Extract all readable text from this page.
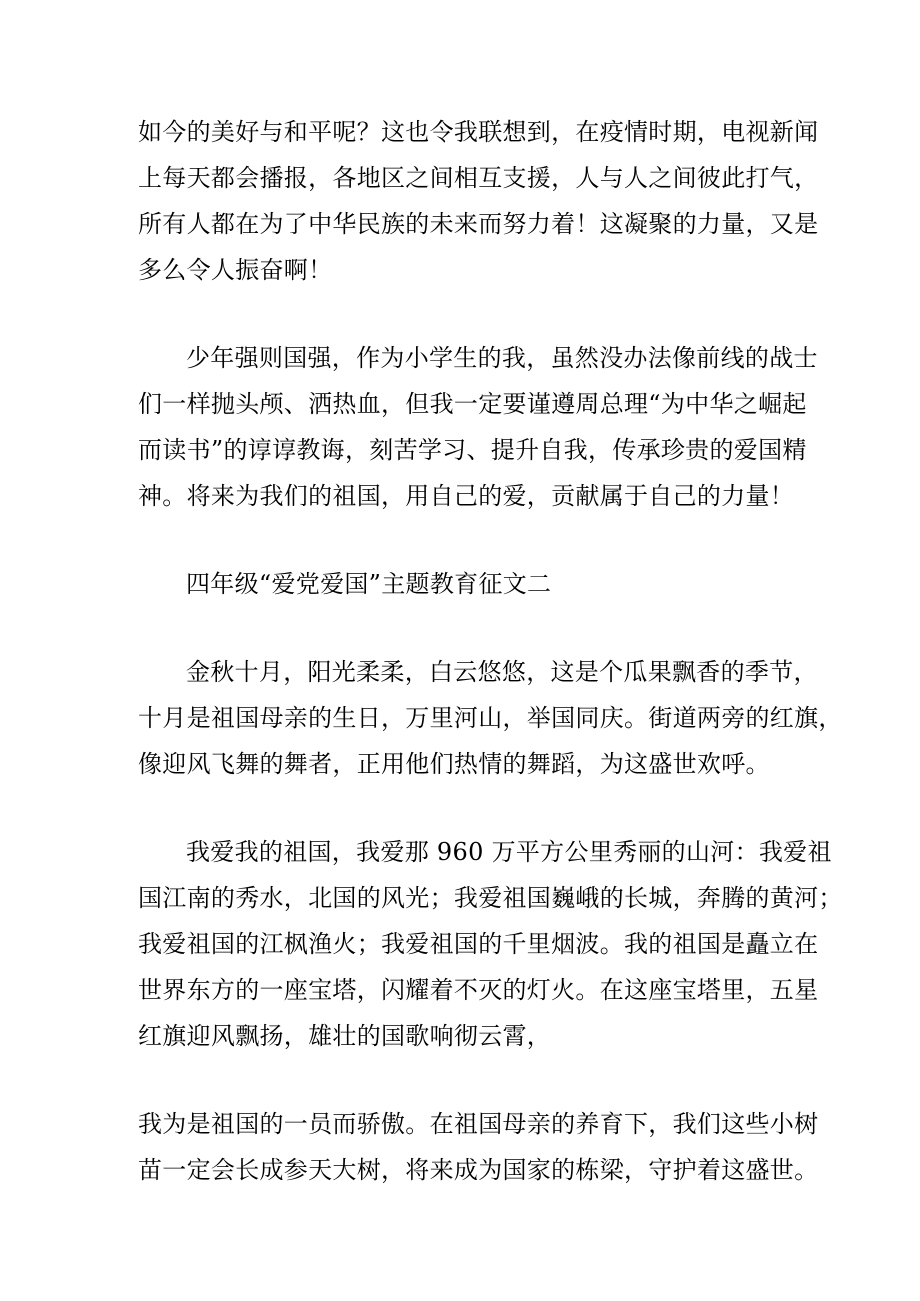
如今的美好与和平呢？这也令我联想到，在疫情时期，电视新闻
上每天都会播报，各地区之间相互支援，人与人之间彼此打气，
所有人都在为了中华民族的未来而努力着！这凝聚的力量，又是
多么令人振奋啊！
少年强则国强，作为小学生的我，虽然没办法像前线的战士
们一样抛头颅、洒热血，但我一定要谨遵周总理“为中华之崛起
而读书”的谆谆教诲，刻苦学习、提升自我，传承珍贵的爱国精
神。将来为我们的祖国，用自己的爱，贡献属于自己的力量！
四年级“爱党爱国”主题教育征文二
金秋十月，阳光柔柔，白云悠悠，这是个瓜果飘香的季节，
十月是祖国母亲的生日，万里河山，举国同庆。街道两旁的红旗，
像迎风飞舞的舞者，正用他们热情的舞蹈，为这盛世欢呼。
我爱我的祖国，我爱那 960 万平方公里秀丽的山河：我爱祖
国江南的秀水，北国的风光；我爱祖国巍峨的长城，奔腾的黄河；
我爱祖国的江枫渔火；我爱祖国的千里烟波。我的祖国是矗立在
世界东方的一座宝塔，闪耀着不灭的灯火。在这座宝塔里，五星
红旗迎风飘扬，雄壮的国歌响彻云霄，
我为是祖国的一员而骄傲。在祖国母亲的养育下，我们这些小树
苗一定会长成参天大树，将来成为国家的栋梁，守护着这盛世。
